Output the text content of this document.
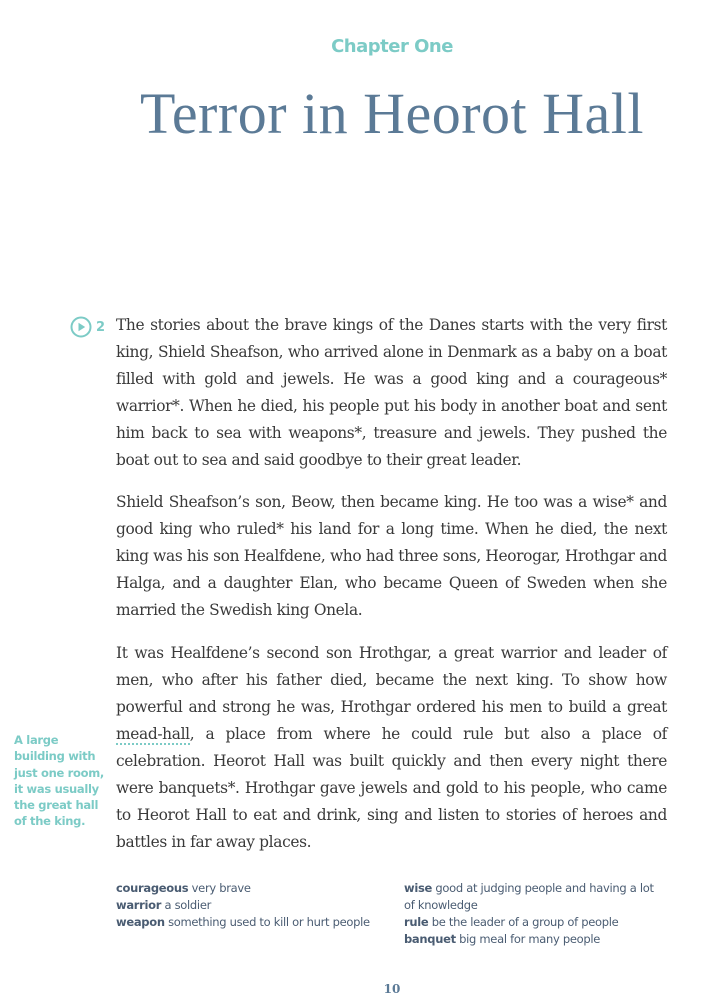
Chapter One
Terror in Heorot Hall
2 The stories about the brave kings of the Danes starts with the very first king, Shield Sheafson, who arrived alone in Denmark as a baby on a boat filled with gold and jewels. He was a good king and a courageous* warrior*. When he died, his people put his body in another boat and sent him back to sea with weapons*, treasure and jewels. They pushed the boat out to sea and said goodbye to their great leader.

Shield Sheafson’s son, Beow, then became king. He too was a wise* and good king who ruled* his land for a long time. When he died, the next king was his son Healfdene, who had three sons, Heorogar, Hrothgar and Halga, and a daughter Elan, who became Queen of Sweden when she married the Swedish king Onela.

It was Healfdene’s second son Hrothgar, a great warrior and leader of men, who after his father died, became the next king. To show how powerful and strong he was, Hrothgar ordered his men to build a great mead-hall, a place from where he could rule but also a place of celebration. Heorot Hall was built quickly and then every night there were banquets*. Hrothgar gave jewels and gold to his people, who came to Heorot Hall to eat and drink, sing and listen to stories of heroes and battles in far away places.

A large building with just one room, it was usually the great hall of the king.

courageous very brave

warrior a soldier

weapon something used to kill or hurt people

wise good at judging people and having a lot of knowledge

rule be the leader of a group of people

banquet big meal for many people

10
